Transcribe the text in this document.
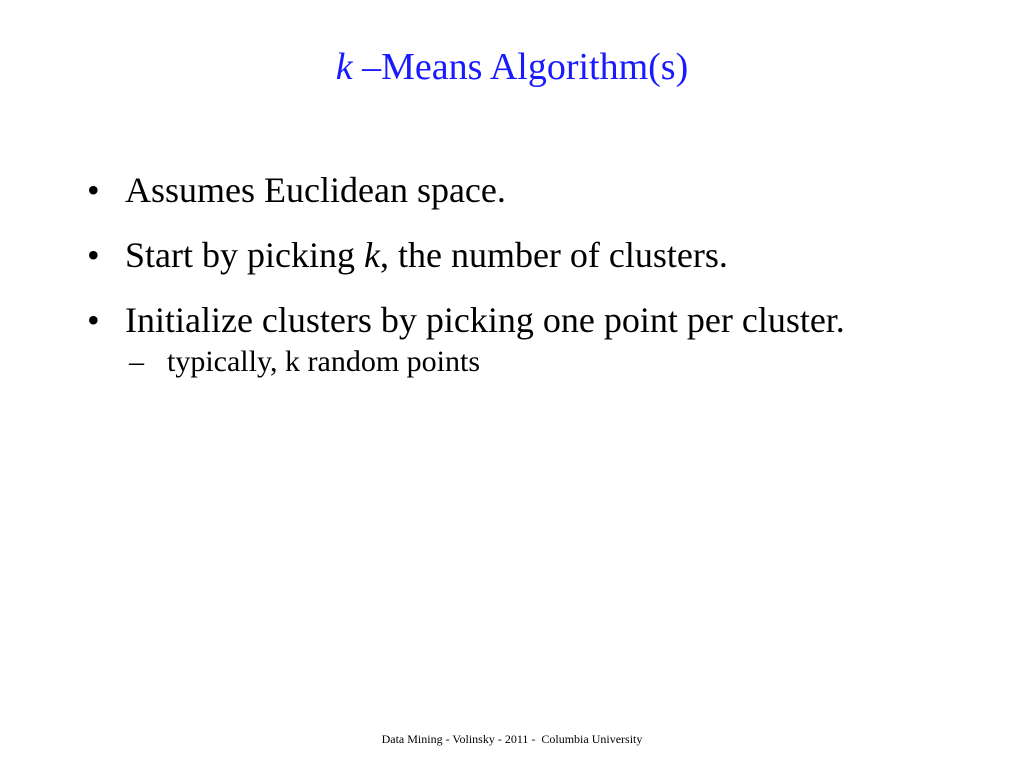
k –Means Algorithm(s)
• Assumes Euclidean space.
• Start by picking k, the number of clusters.
• Initialize clusters by picking one point per cluster.
– typically, k random points
Data Mining - Volinsky - 2011 -  Columbia University
